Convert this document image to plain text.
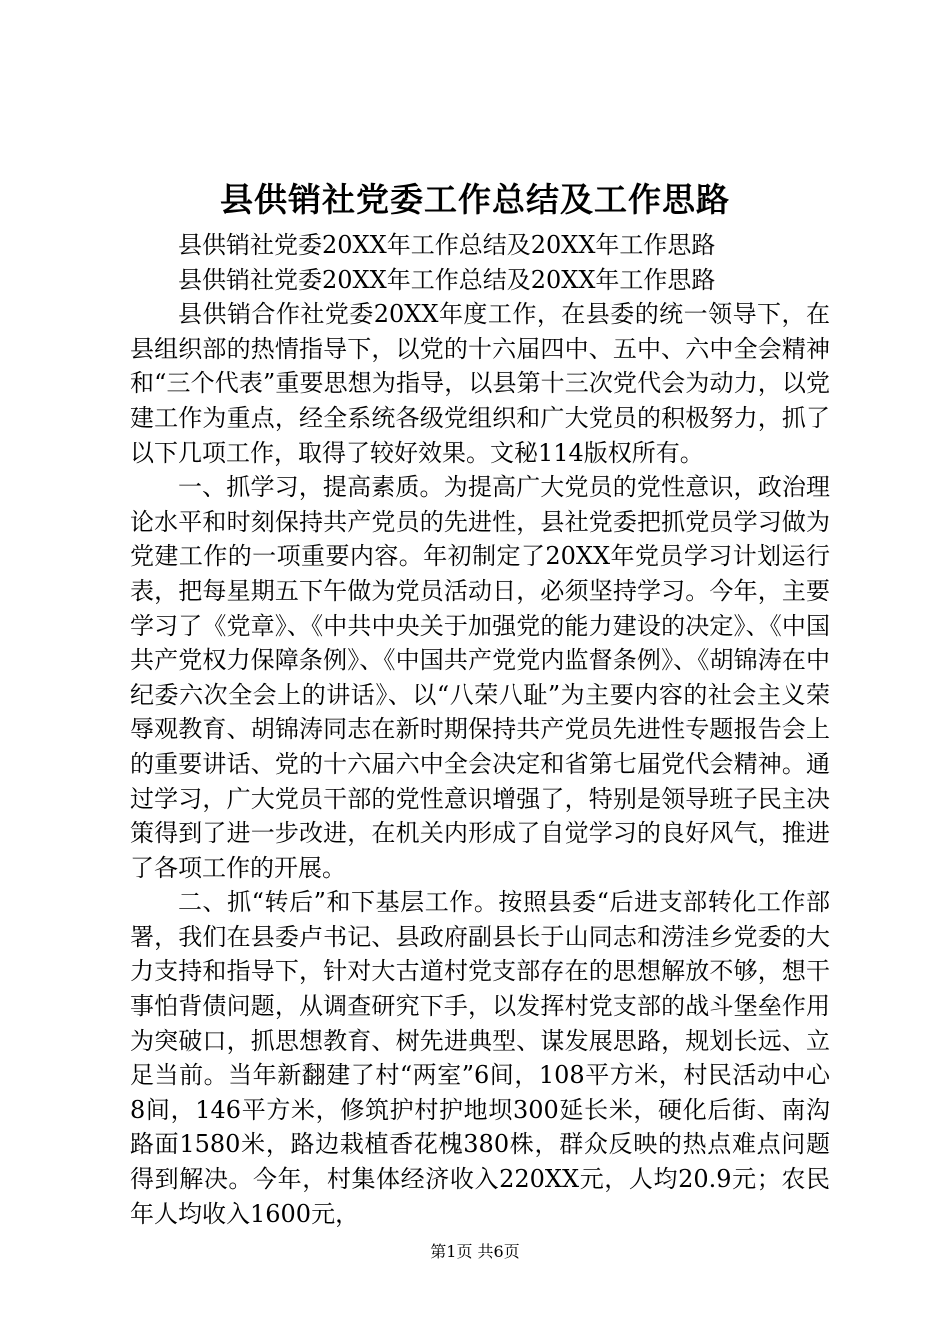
县供销社党委工作总结及工作思路

县供销社党委20XX年工作总结及20XX年工作思路

县供销社党委20XX年工作总结及20XX年工作思路

县供销合作社党委20XX年度工作，在县委的统一领导下，在县组织部的热情指导下，以党的十六届四中、五中、六中全会精神和“三个代表”重要思想为指导，以县第十三次党代会为动力，以党建工作为重点，经全系统各级党组织和广大党员的积极努力，抓了以下几项工作，取得了较好效果。文秘114版权所有。

一、抓学习，提高素质。为提高广大党员的党性意识，政治理论水平和时刻保持共产党员的先进性，县社党委把抓党员学习做为党建工作的一项重要内容。年初制定了20XX年党员学习计划运行表，把每星期五下午做为党员活动日，必须坚持学习。今年，主要学习了《党章》、《中共中央关于加强党的能力建设的决定》、《中国共产党权力保障条例》、《中国共产党党内监督条例》、《胡锦涛在中纪委六次全会上的讲话》、以“八荣八耻”为主要内容的社会主义荣辱观教育、胡锦涛同志在新时期保持共产党员先进性专题报告会上的重要讲话、党的十六届六中全会决定和省第七届党代会精神。通过学习，广大党员干部的党性意识增强了，特别是领导班子民主决策得到了进一步改进，在机关内形成了自觉学习的良好风气，推进了各项工作的开展。

二、抓“转后”和下基层工作。按照县委“后进支部转化工作部署，我们在县委卢书记、县政府副县长于山同志和涝洼乡党委的大力支持和指导下，针对大古道村党支部存在的思想解放不够，想干事怕背债问题，从调查研究下手，以发挥村党支部的战斗堡垒作用为突破口，抓思想教育、树先进典型、谋发展思路，规划长远、立足当前。当年新翻建了村“两室”6间，108平方米，村民活动中心8间，146平方米，修筑护村护地坝300延长米，硬化后街、南沟路面1580米，路边栽植香花槐380株，群众反映的热点难点问题得到解决。今年，村集体经济收入220XX元，人均20.9元；农民年人均收入1600元，

第1页 共6页
